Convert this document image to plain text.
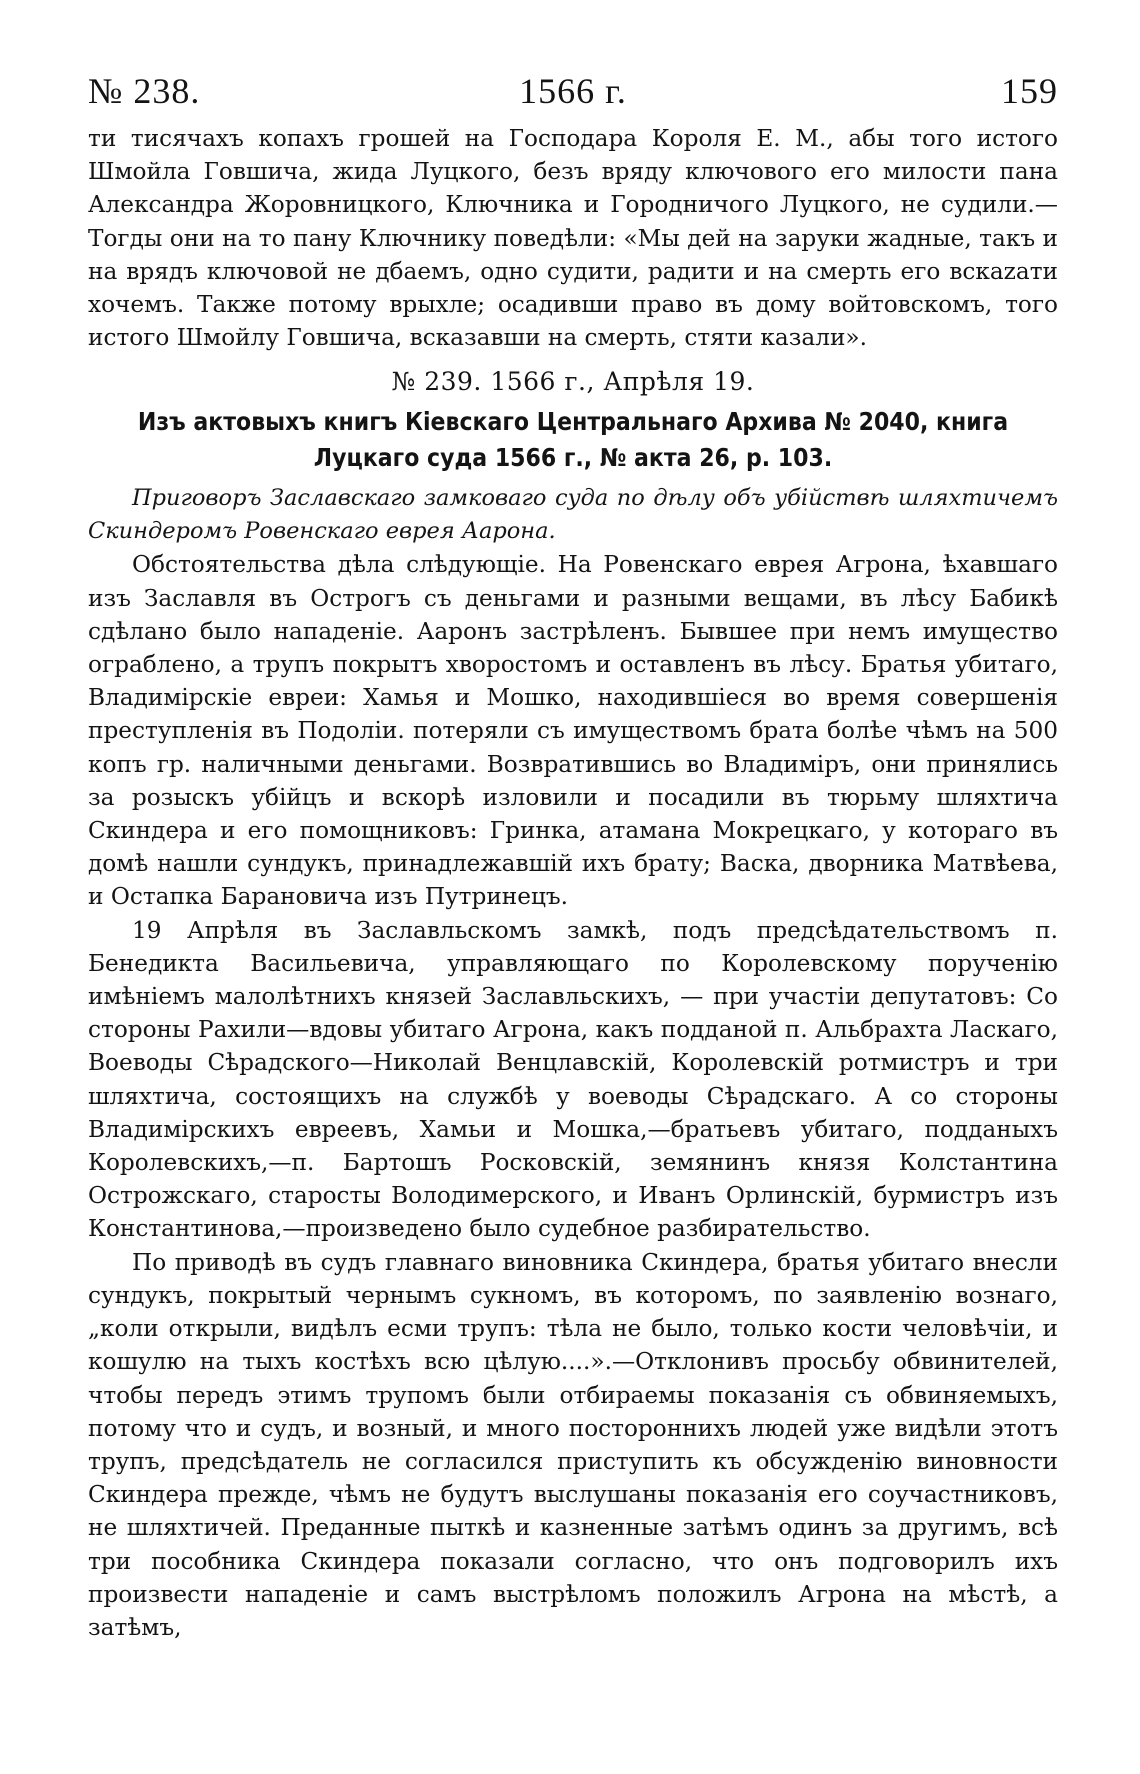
№ 238.	1566 г.	159

ти тисячахъ копахъ грошей на Господара Короля Е. М., абы того истого Шмойла Говшича, жида Луцкого, безъ вряду ключового его милости пана Александра Жоровницкого, Ключника и Городничого Луцкого, не судили.— Тогды они на то пану Ключнику поведѣли: «Мы дей на заруки жадные, такъ и на врядъ ключовой не дбаемъ, одно судити, радити и на смерть его вскazати хочемъ. Также потому врыхле; осадивши право въ дому войтовскомъ, того истого Шмойлу Говшича, вскaзавши на смерть, стяти казали».

№ 239. 1566 г., Апрѣля 19.
Изъ актовыхъ книгъ Кіевскаго Центральнаго Архива № 2040, книга Луцкаго суда 1566 г., № акта 26, р. 103.

Приговоръ Заславскаго замковаго суда по дѣлу объ убійствѣ шляхтичемъ Скиндеромъ Ровенскаго еврея Аарона.

Обстоятельства дѣла слѣдующіе. На Ровенскаго еврея Агрона, ѣхавшаго изъ Заславля въ Острогъ съ деньгами и разными вещами, въ лѣсу Бабикѣ сдѣлано было нападеніе. Ааронъ застрѣленъ. Бывшее при немъ имущество ограблено, а трупъ покрытъ хворостомъ и оставленъ въ лѣсу. Братья убитаго, Владимірскіе евреи: Хамья и Мошко, находившіеся во время совершенія преступленія въ Подоліи. потеряли съ имуществомъ брата болѣе чѣмъ на 500 копъ гр. наличными деньгами. Возвратившись во Владиміръ, они принялись за розыскъ убійцъ и вскорѣ изловили и посадили въ тюрьму шляхтича Скиндера и его помощниковъ: Гринка, атамана Мокрецкаго, у котораго въ домѣ нашли сундукъ, принадлежавшій ихъ брату; Васка, дворника Матвѣева, и Остапка Барановича изъ Путринецъ.

19 Апрѣля въ Заславльскомъ замкѣ, подъ предсѣдательствомъ п. Бенедикта Васильевича, управляющаго по Королевскому порученію имѣніемъ малолѣтнихъ князей Заславльскихъ, — при участіи депутатовъ: Со стороны Рахили—вдовы убитаго Агрона, какъ подданой п. Альбрахта Ласкаго, Воеводы Сѣрадского—Николай Венцлавскій, Королевскій ротмистръ и три шляхтича, состоящихъ на службѣ у воеводы Сѣрадскаго. А со стороны Владимірскихъ евреевъ, Хамьи и Мошка,—братьевъ убитаго, подданыхъ Королевскихъ,—п. Бартошъ Росковскій, земянинъ князя Колстантина Острожскаго, старосты Володимерского, и Иванъ Орлинскій, бурмистръ изъ Константинова,—произведено было судебное разбирательство.

По приводѣ въ судъ главнаго виновника Скиндера, братья убитаго внесли сундукъ, покрытый чернымъ сукномъ, въ которомъ, по заявленію вознаго, „коли открыли, видѣлъ есми трупъ: тѣла не было, только кости человѣчіи, и кошулю на тыхъ костѣхъ всю цѣлую....».—Отклонивъ просьбу обвинителей, чтобы передъ этимъ трупомъ были отбираемы показанія съ обвиняемыхъ, потому что и судъ, и возный, и много постороннихъ людей уже видѣли этотъ трупъ, предсѣдатель не согласился приступить къ обсужденію виновности Скиндера прежде, чѣмъ не будутъ выслушаны показанія его соучастниковъ, не шляхтичей. Преданные пыткѣ и казненные затѣмъ одинъ за другимъ, всѣ три пособника Скиндера показали согласно, что онъ подговорилъ ихъ произвести нападеніе и самъ выстрѣломъ положилъ Агрона на мѣстѣ, а затѣмъ,
